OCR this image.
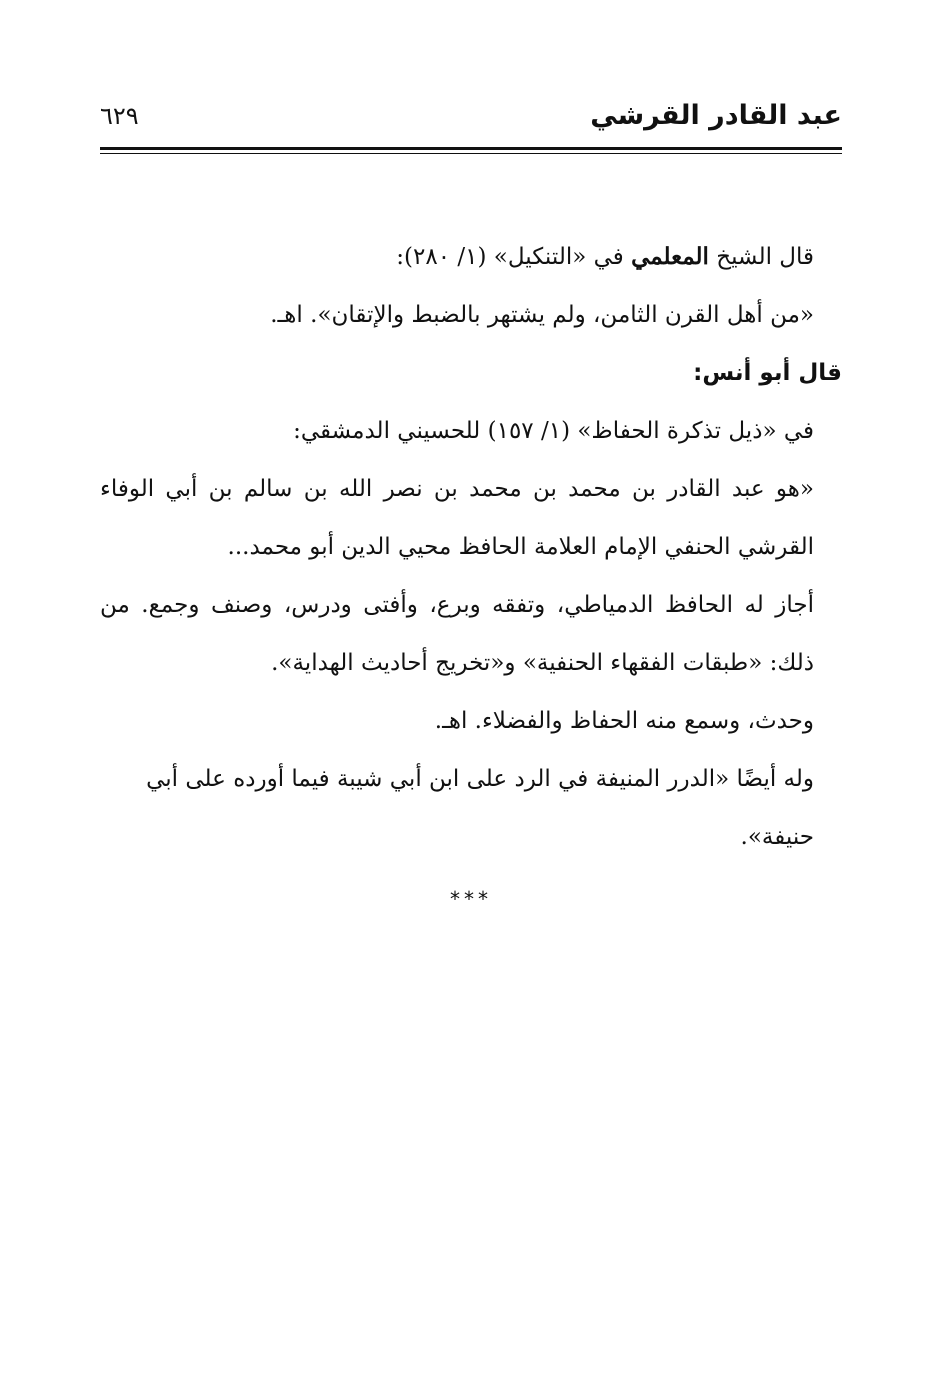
عبد القادر القرشي
٦٢٩

قال الشيخ المعلمي في «التنكيل» (١/ ٢٨٠):

«من أهل القرن الثامن، ولم يشتهر بالضبط والإتقان». اهـ.

قال أبو أنس:

في «ذيل تذكرة الحفاظ» (١/ ١٥٧) للحسيني الدمشقي:

«هو عبد القادر بن محمد بن محمد بن نصر الله بن سالم بن أبي الوفاء القرشي الحنفي الإمام العلامة الحافظ محيي الدين أبو محمد...

أجاز له الحافظ الدمياطي، وتفقه وبرع، وأفتى ودرس، وصنف وجمع. من ذلك: «طبقات الفقهاء الحنفية» و«تخريج أحاديث الهداية».

وحدث، وسمع منه الحفاظ والفضلاء. اهـ.

وله أيضًا «الدرر المنيفة في الرد على ابن أبي شيبة فيما أورده على أبي حنيفة».

***
